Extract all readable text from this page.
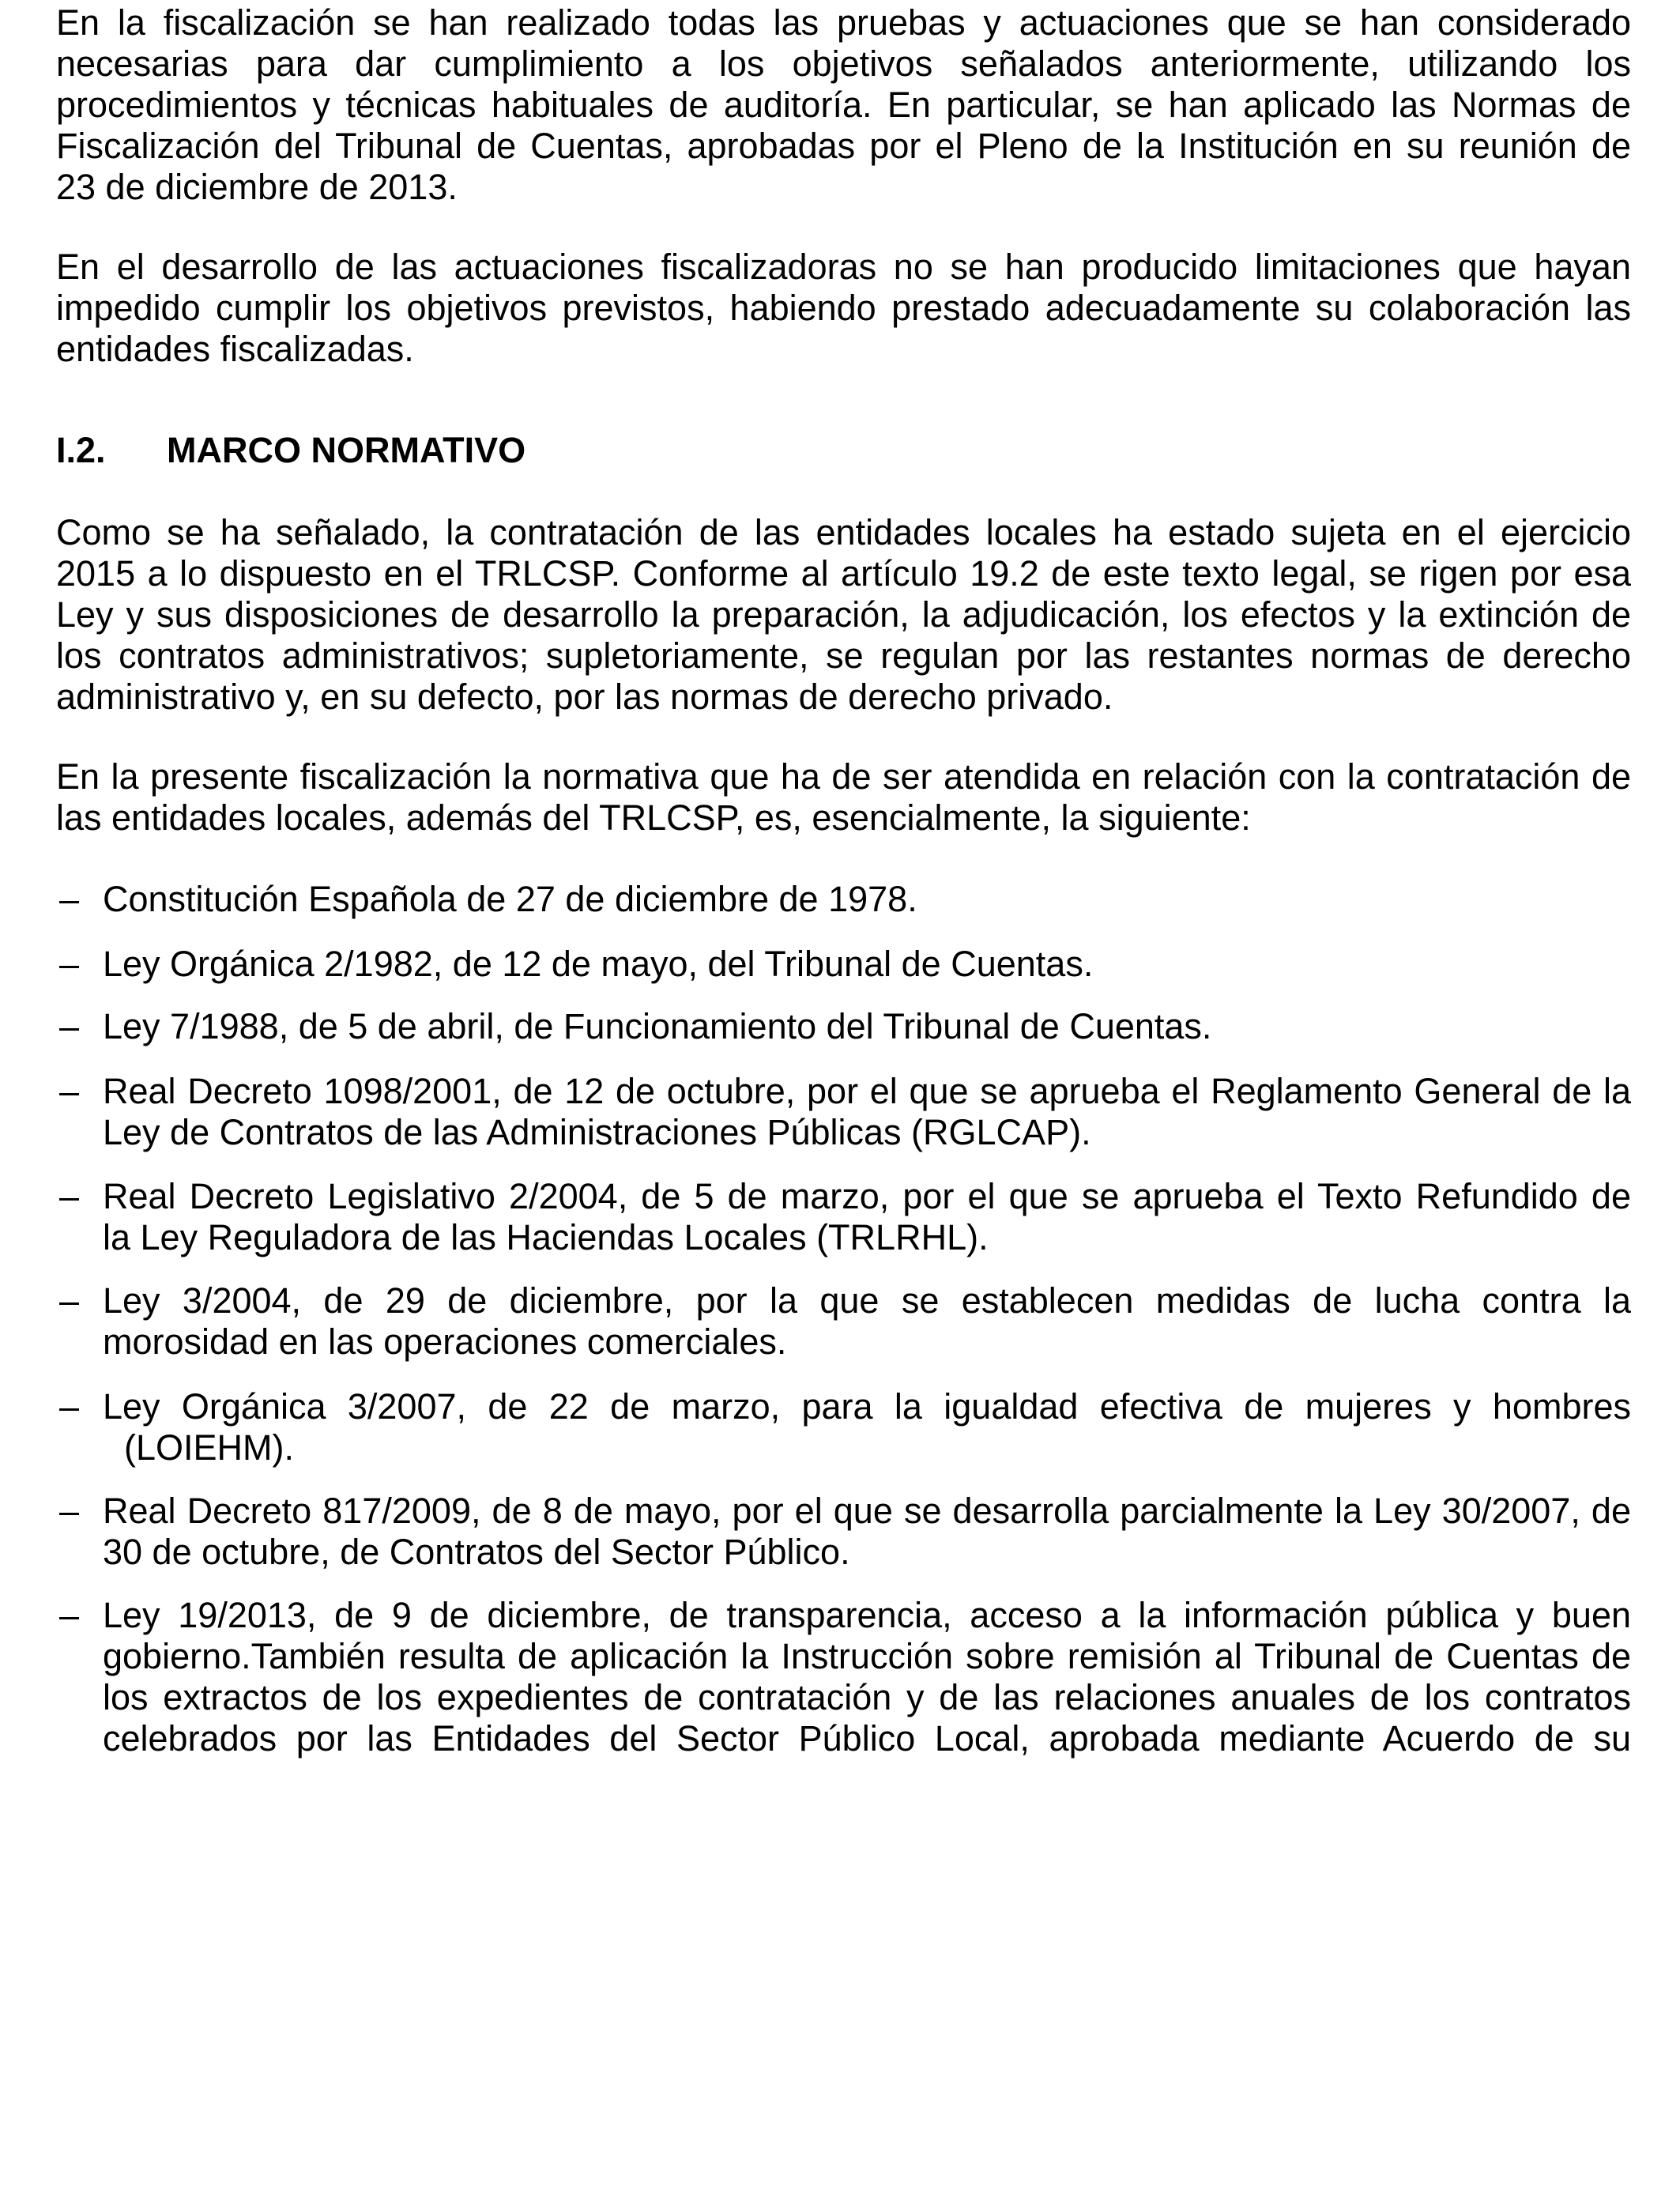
En la fiscalización se han realizado todas las pruebas y actuaciones que se han considerado
necesarias para dar cumplimiento a los objetivos señalados anteriormente, utilizando los
procedimientos y técnicas habituales de auditoría. En particular, se han aplicado las Normas de
Fiscalización del Tribunal de Cuentas, aprobadas por el Pleno de la Institución en su reunión de
23 de diciembre de 2013.
En el desarrollo de las actuaciones fiscalizadoras no se han producido limitaciones que hayan
impedido cumplir los objetivos previstos, habiendo prestado adecuadamente su colaboración las
entidades fiscalizadas.
I.2. MARCO NORMATIVO
Como se ha señalado, la contratación de las entidades locales ha estado sujeta en el ejercicio
2015 a lo dispuesto en el TRLCSP. Conforme al artículo 19.2 de este texto legal, se rigen por esa
Ley y sus disposiciones de desarrollo la preparación, la adjudicación, los efectos y la extinción de
los contratos administrativos; supletoriamente, se regulan por las restantes normas de derecho
administrativo y, en su defecto, por las normas de derecho privado.
En la presente fiscalización la normativa que ha de ser atendida en relación con la contratación de
las entidades locales, además del TRLCSP, es, esencialmente, la siguiente:
– Constitución Española de 27 de diciembre de 1978.
– Ley Orgánica 2/1982, de 12 de mayo, del Tribunal de Cuentas.
– Ley 7/1988, de 5 de abril, de Funcionamiento del Tribunal de Cuentas.
– Real Decreto 1098/2001, de 12 de octubre, por el que se aprueba el Reglamento General de la
Ley de Contratos de las Administraciones Públicas (RGLCAP).
– Real Decreto Legislativo 2/2004, de 5 de marzo, por el que se aprueba el Texto Refundido de
la Ley Reguladora de las Haciendas Locales (TRLRHL).
– Ley 3/2004, de 29 de diciembre, por la que se establecen medidas de lucha contra la
morosidad en las operaciones comerciales.
– Ley Orgánica 3/2007, de 22 de marzo, para la igualdad efectiva de mujeres y hombres
(LOIEHM).
– Real Decreto 817/2009, de 8 de mayo, por el que se desarrolla parcialmente la Ley 30/2007, de
30 de octubre, de Contratos del Sector Público.
– Ley 19/2013, de 9 de diciembre, de transparencia, acceso a la información pública y buen
gobierno.También resulta de aplicación la Instrucción sobre remisión al Tribunal de Cuentas de
los extractos de los expedientes de contratación y de las relaciones anuales de los contratos
celebrados por las Entidades del Sector Público Local, aprobada mediante Acuerdo de su
